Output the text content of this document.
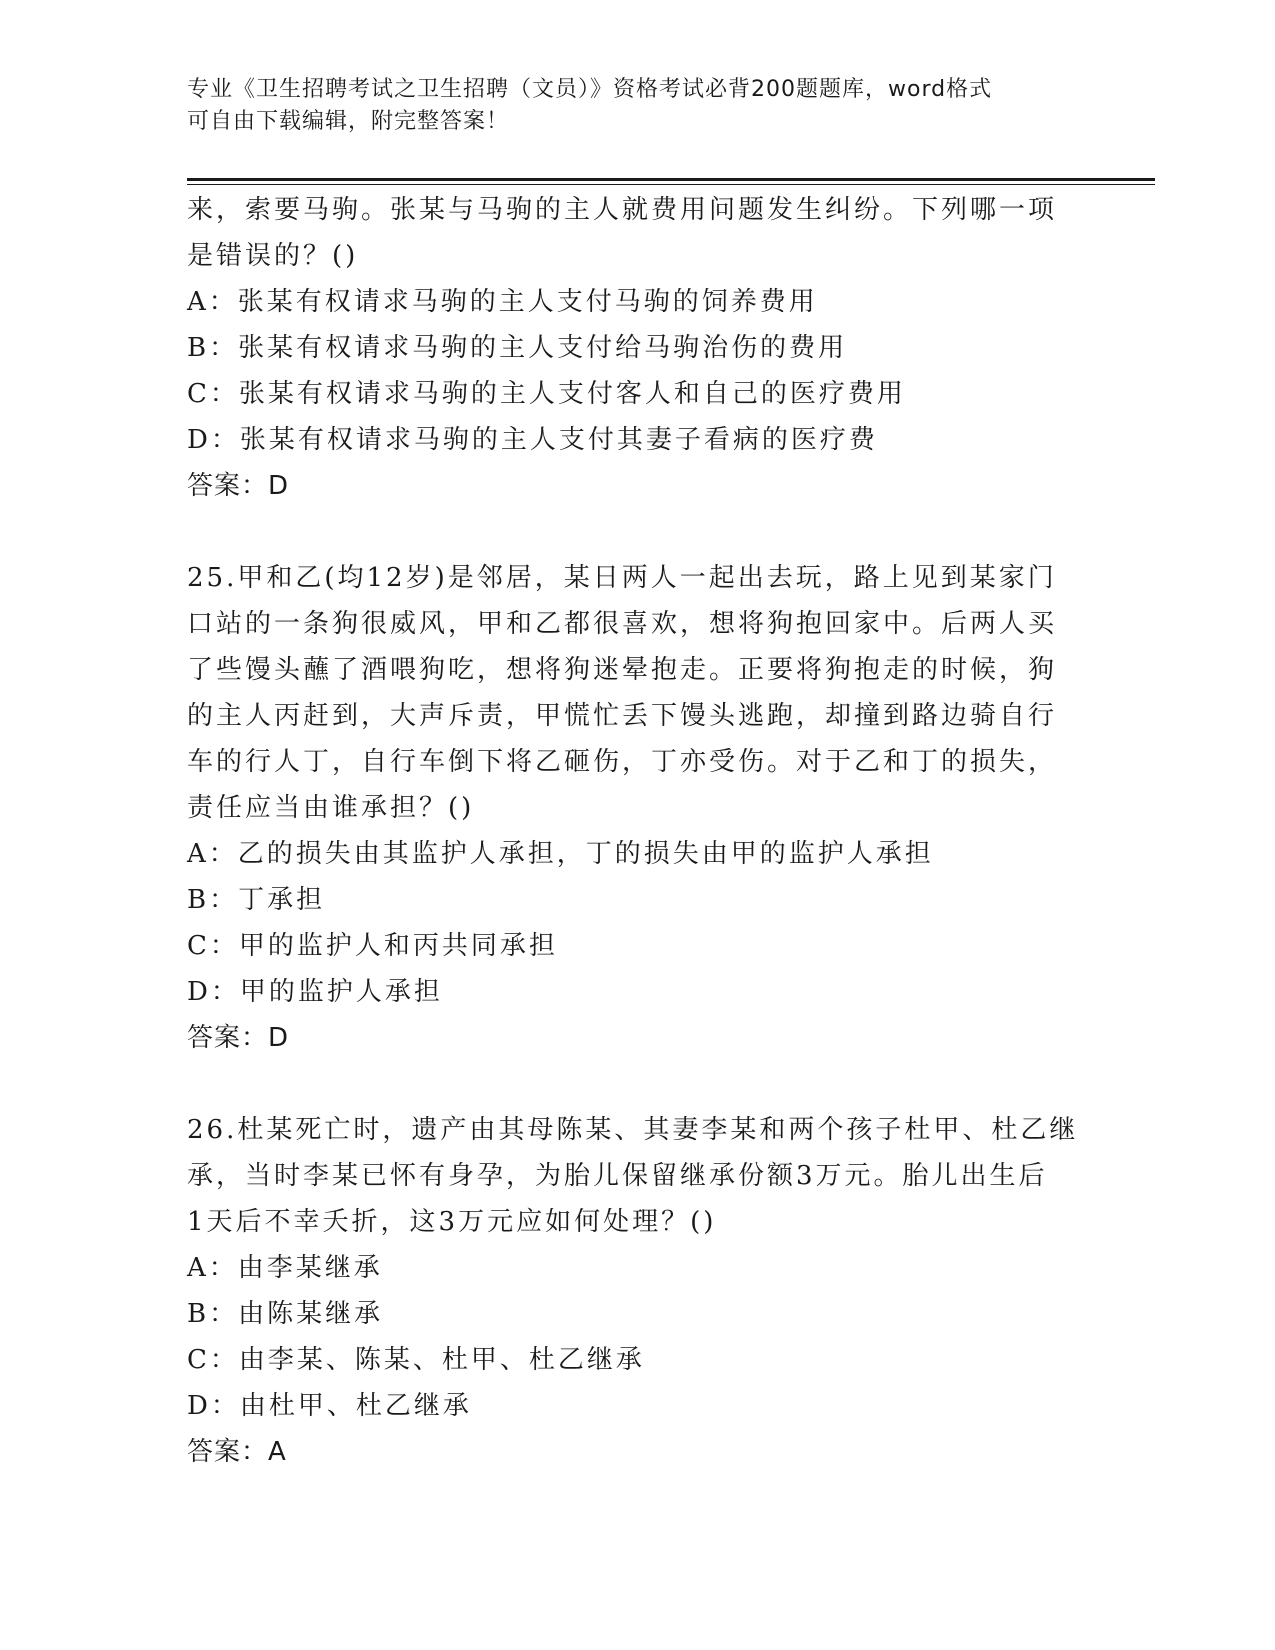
专业《卫生招聘考试之卫生招聘（文员）》资格考试必背200题题库，word格式
可自由下载编辑，附完整答案！
来，索要马驹。张某与马驹的主人就费用问题发生纠纷。下列哪一项
是错误的？()
A：张某有权请求马驹的主人支付马驹的饲养费用
B：张某有权请求马驹的主人支付给马驹治伤的费用
C：张某有权请求马驹的主人支付客人和自己的医疗费用
D：张某有权请求马驹的主人支付其妻子看病的医疗费
答案：D
25.甲和乙(均12岁)是邻居，某日两人一起出去玩，路上见到某家门
口站的一条狗很威风，甲和乙都很喜欢，想将狗抱回家中。后两人买
了些馒头蘸了酒喂狗吃，想将狗迷晕抱走。正要将狗抱走的时候，狗
的主人丙赶到，大声斥责，甲慌忙丢下馒头逃跑，却撞到路边骑自行
车的行人丁，自行车倒下将乙砸伤，丁亦受伤。对于乙和丁的损失，
责任应当由谁承担？()
A：乙的损失由其监护人承担，丁的损失由甲的监护人承担
B：丁承担
C：甲的监护人和丙共同承担
D：甲的监护人承担
答案：D
26.杜某死亡时，遗产由其母陈某、其妻李某和两个孩子杜甲、杜乙继
承，当时李某已怀有身孕，为胎儿保留继承份额3万元。胎儿出生后
1天后不幸夭折，这3万元应如何处理？()
A：由李某继承
B：由陈某继承
C：由李某、陈某、杜甲、杜乙继承
D：由杜甲、杜乙继承
答案：A
